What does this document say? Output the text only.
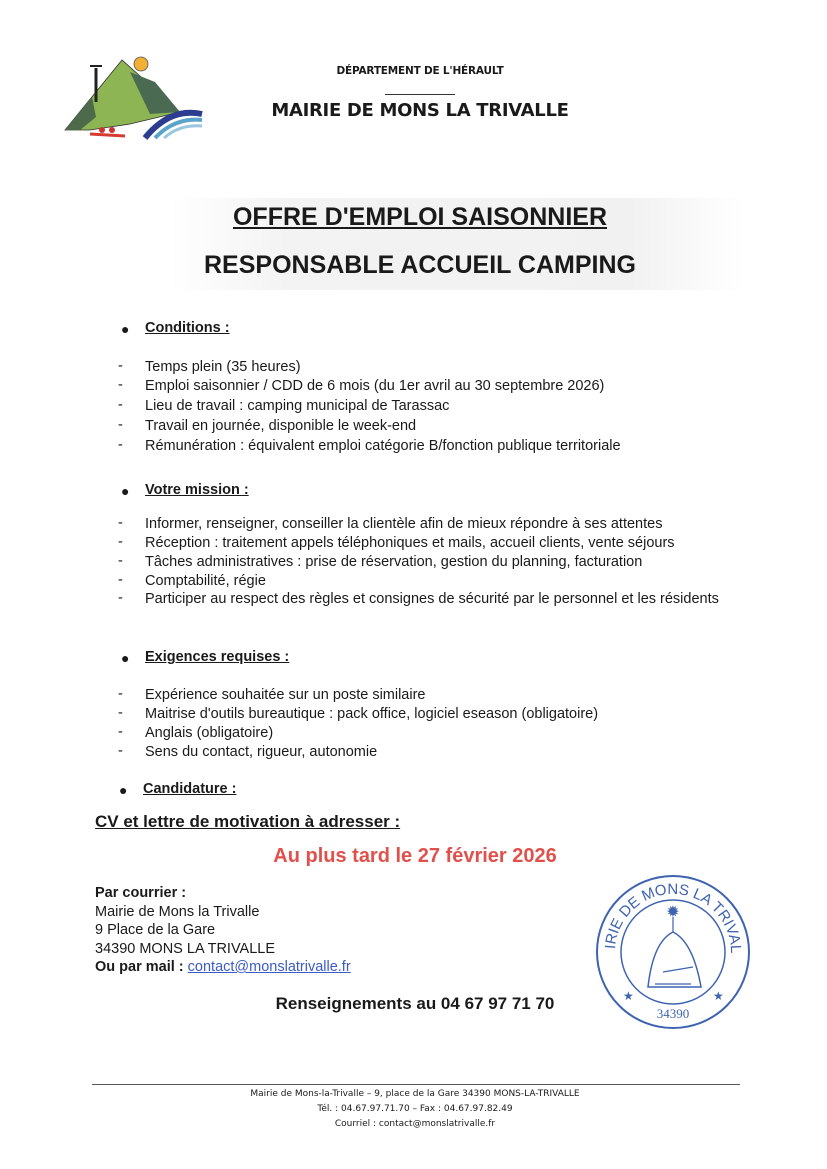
DÉPARTEMENT DE L'HÉRAULT
MAIRIE DE MONS LA TRIVALLE
OFFRE D'EMPLOI SAISONNIER
RESPONSABLE ACCUEIL CAMPING
● Conditions :
- Temps plein (35 heures)
- Emploi saisonnier / CDD de 6 mois (du 1er avril au 30 septembre 2026)
- Lieu de travail : camping municipal de Tarassac
- Travail en journée, disponible le week-end
- Rémunération : équivalent emploi catégorie B/fonction publique territoriale
● Votre mission :
- Informer, renseigner, conseiller la clientèle afin de mieux répondre à ses attentes
- Réception : traitement appels téléphoniques et mails, accueil clients, vente séjours
- Tâches administratives : prise de réservation, gestion du planning, facturation
- Comptabilité, régie
- Participer au respect des règles et consignes de sécurité par le personnel et les résidents
● Exigences requises :
- Expérience souhaitée sur un poste similaire
- Maitrise d'outils bureautique : pack office, logiciel eseason (obligatoire)
- Anglais (obligatoire)
- Sens du contact, rigueur, autonomie
● Candidature :
CV et lettre de motivation à adresser :
Au plus tard le 27 février 2026
Par courrier :
Mairie de Mons la Trivalle
9 Place de la Gare
34390 MONS LA TRIVALLE
Ou par mail : contact@monslatrivalle.fr
Renseignements au 04 67 97 71 70
IRIE DE MONS LA TRIVAL
✹
★	★
34390
Mairie de Mons-la-Trivalle – 9, place de la Gare 34390 MONS-LA-TRIVALLE
Tél. : 04.67.97.71.70 – Fax : 04.67.97.82.49
Courriel : contact@monslatrivalle.fr
